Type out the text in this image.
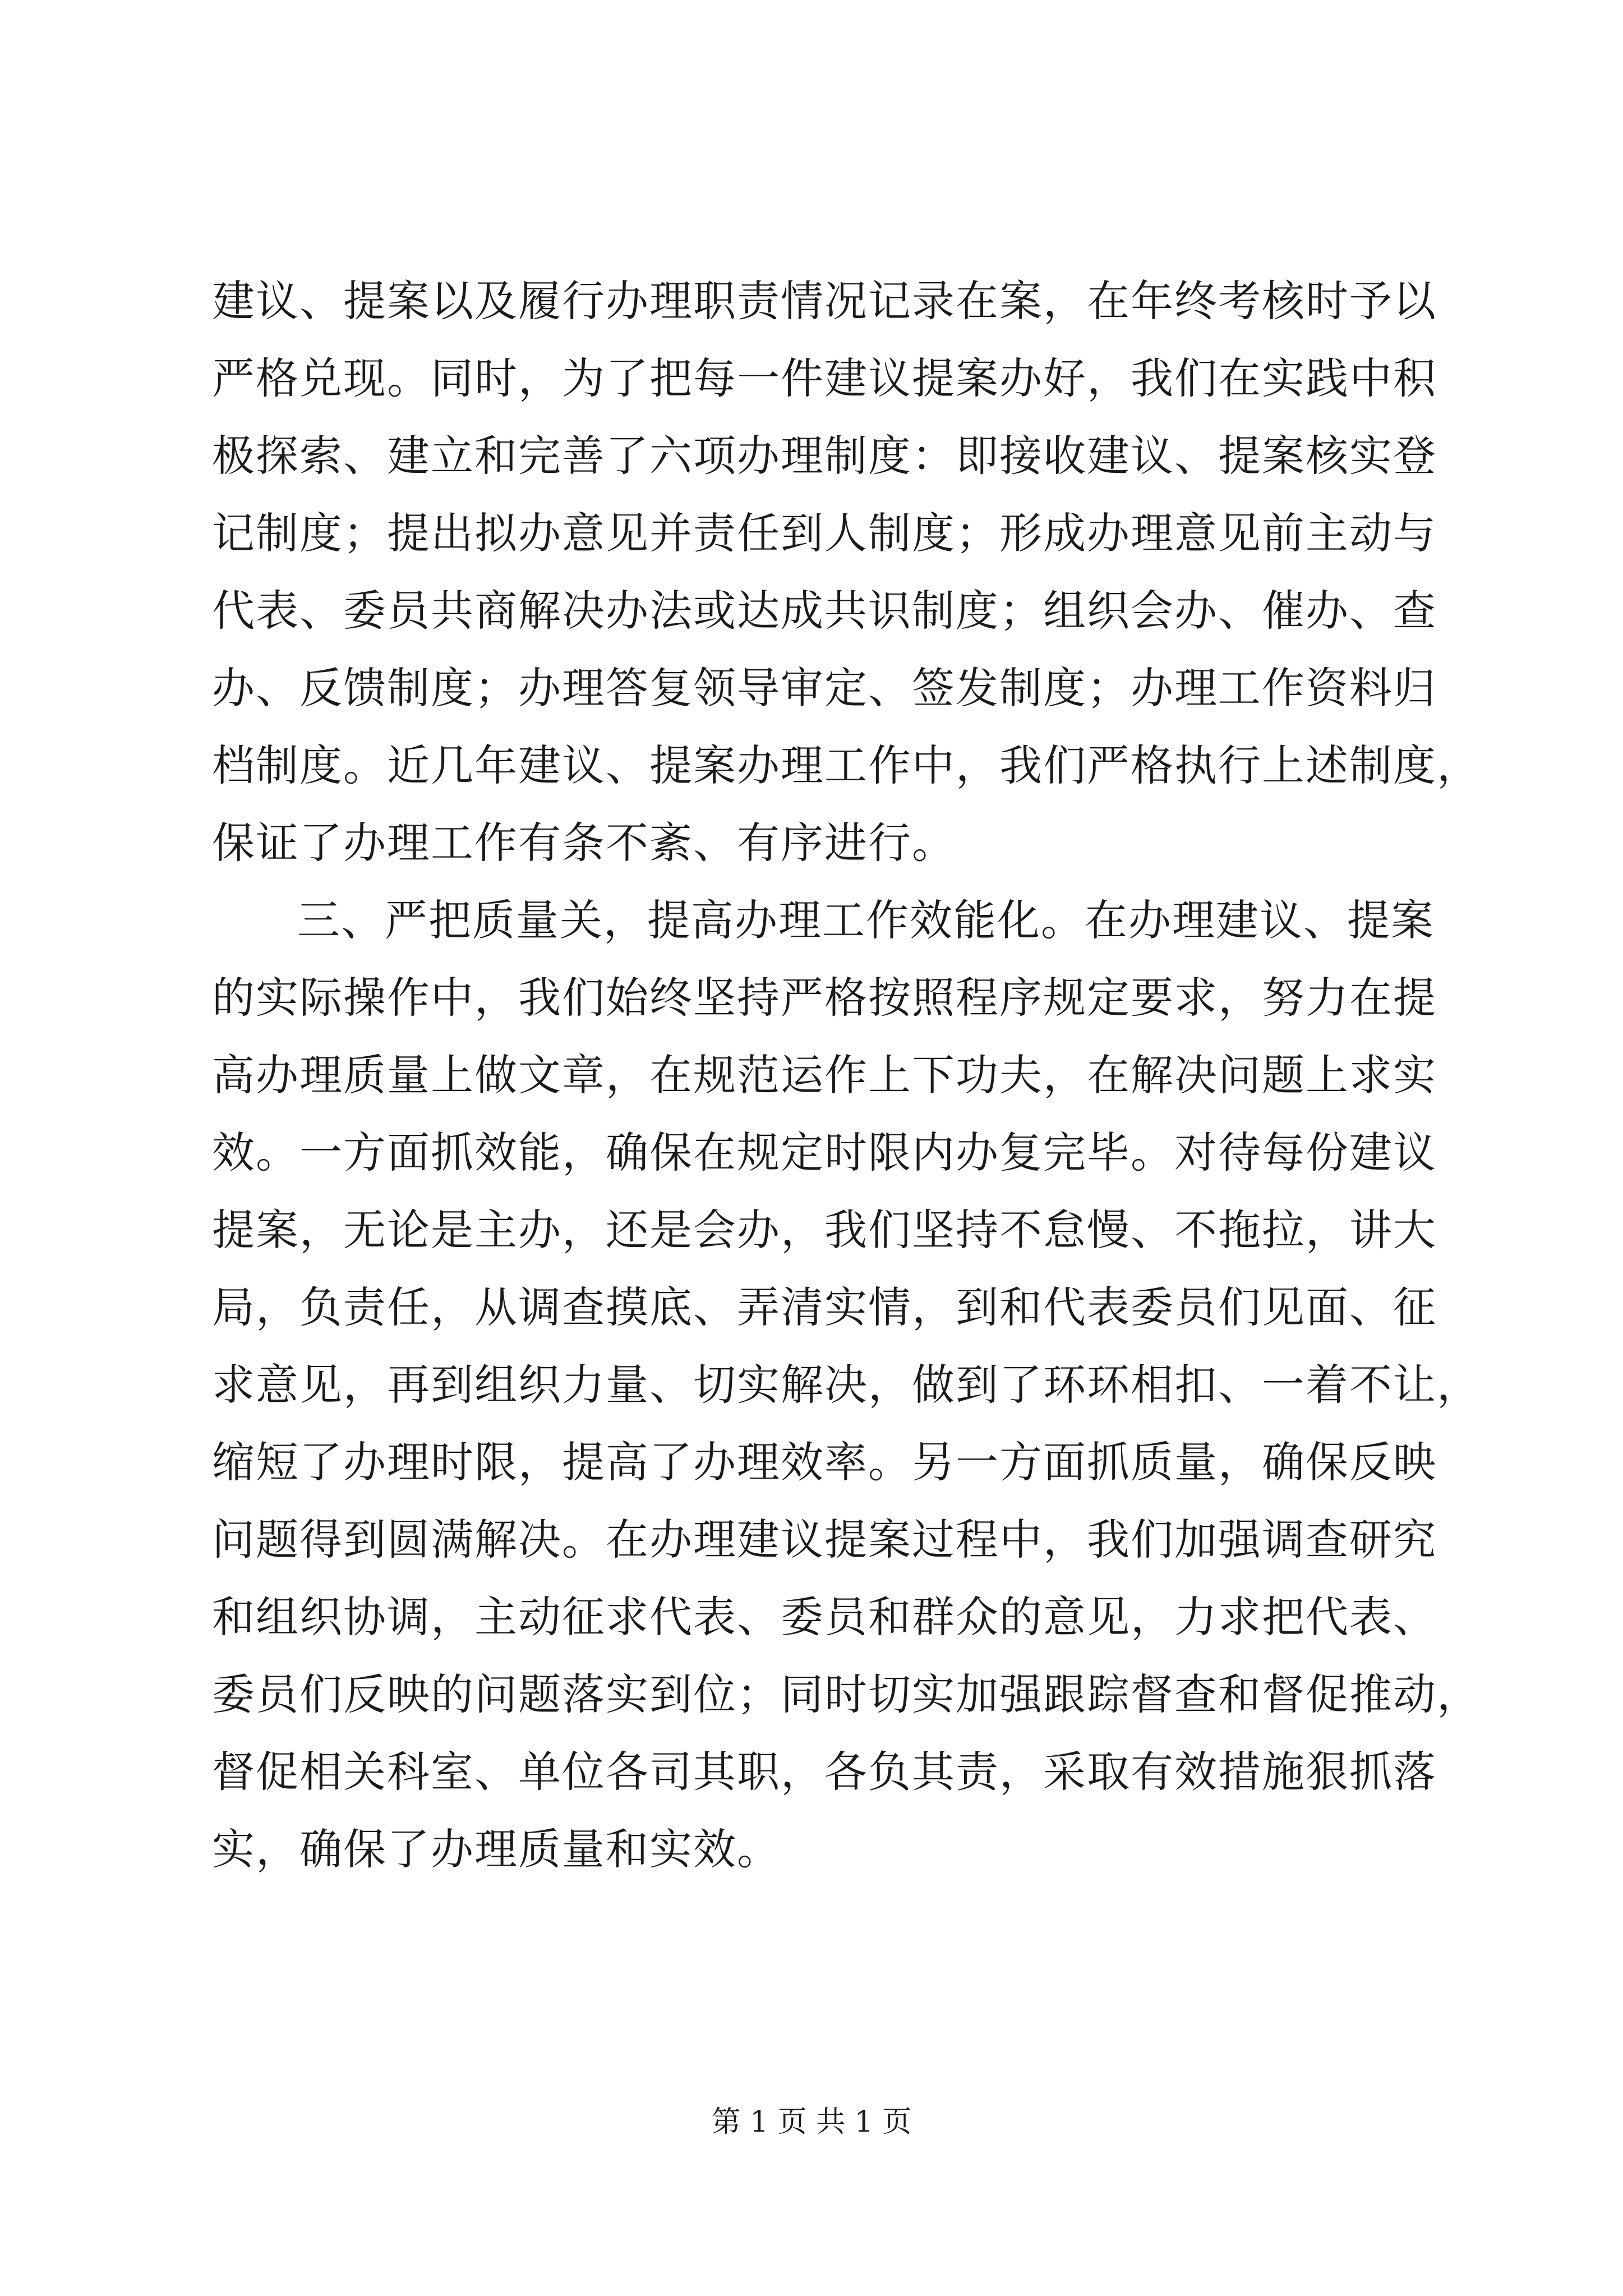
建议、提案以及履行办理职责情况记录在案，在年终考核时予以
严格兑现。同时，为了把每一件建议提案办好，我们在实践中积
极探索、建立和完善了六项办理制度：即接收建议、提案核实登
记制度；提出拟办意见并责任到人制度；形成办理意见前主动与
代表、委员共商解决办法或达成共识制度；组织会办、催办、查
办、反馈制度；办理答复领导审定、签发制度；办理工作资料归
档制度。近几年建议、提案办理工作中，我们严格执行上述制度，
保证了办理工作有条不紊、有序进行。
三、严把质量关，提高办理工作效能化。在办理建议、提案
的实际操作中，我们始终坚持严格按照程序规定要求，努力在提
高办理质量上做文章，在规范运作上下功夫，在解决问题上求实
效。一方面抓效能，确保在规定时限内办复完毕。对待每份建议
提案，无论是主办，还是会办，我们坚持不怠慢、不拖拉，讲大
局，负责任，从调查摸底、弄清实情，到和代表委员们见面、征
求意见，再到组织力量、切实解决，做到了环环相扣、一着不让，
缩短了办理时限，提高了办理效率。另一方面抓质量，确保反映
问题得到圆满解决。在办理建议提案过程中，我们加强调查研究
和组织协调，主动征求代表、委员和群众的意见，力求把代表、
委员们反映的问题落实到位；同时切实加强跟踪督查和督促推动，
督促相关科室、单位各司其职，各负其责，采取有效措施狠抓落
实，确保了办理质量和实效。
第 1 页 共 1 页
